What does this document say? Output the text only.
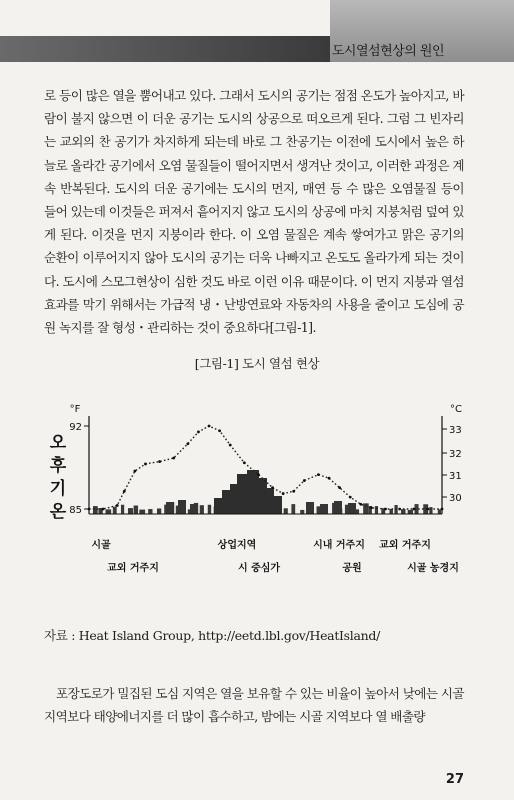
도시열섬현상의 원인

로 등이 많은 열을 뿜어내고 있다. 그래서 도시의 공기는 점점 온도가 높아지고, 바람이 불지 않으면 이 더운 공기는 도시의 상공으로 떠오르게 된다. 그럼 그 빈자리는 교외의 찬 공기가 차지하게 되는데 바로 그 찬공기는 이전에 도시에서 높은 하늘로 올라간 공기에서 오염 물질들이 떨어지면서 생겨난 것이고, 이러한 과정은 계속 반복된다. 도시의 더운 공기에는 도시의 먼지, 매연 등 수 많은 오염물질 등이 들어 있는데 이것들은 퍼져서 흩어지지 않고 도시의 상공에 마치 지붕처럼 덮여 있게 된다. 이것을 먼지 지붕이라 한다. 이 오염 물질은 계속 쌓여가고 맑은 공기의 순환이 이루어지지 않아 도시의 공기는 더욱 나빠지고 온도도 올라가게 되는 것이다. 도시에 스모그현상이 심한 것도 바로 이런 이유 때문이다. 이 먼지 지붕과 열섬효과를 막기 위해서는 가급적 냉・난방연료와 자동차의 사용을 줄이고 도심에 공원 녹지를 잘 형성・관리하는 것이 중요하다[그림-1].

[그림-1] 도시 열섬 현상
°F	°C
92
85
33
32
31
30
오 후 기 온
시골	상업지역	시내 거주지 교외 거주지
교외 거주지	시 중심가	공원	시골 농경지
자료 : Heat Island Group, http://eetd.lbl.gov/HeatIsland/

포장도로가 밀집된 도심 지역은 열을 보유할 수 있는 비율이 높아서 낮에는 시골 지역보다 태양에너지를 더 많이 흡수하고, 밤에는 시골 지역보다 열 배출량

27
